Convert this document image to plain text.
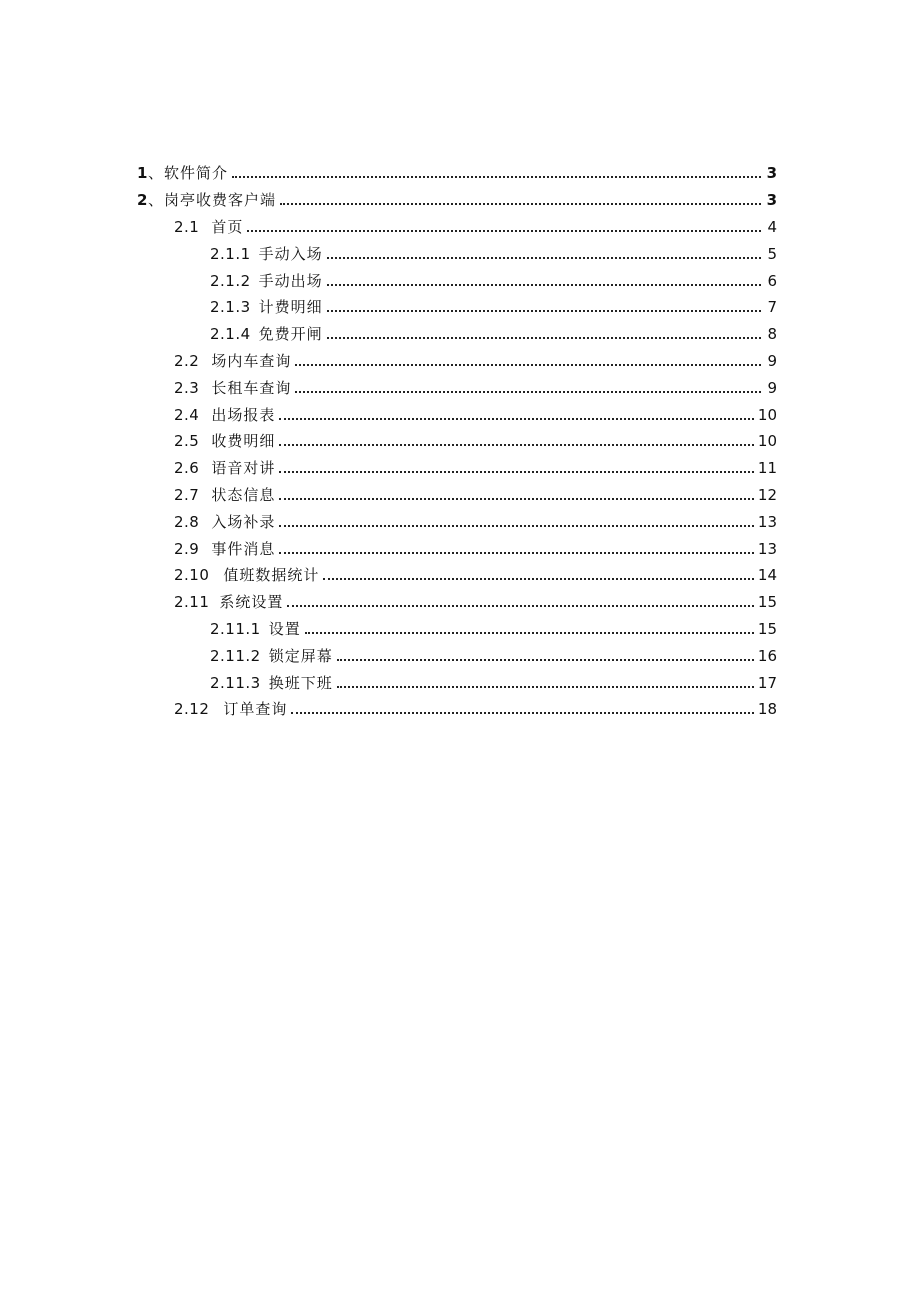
1 、软件简介	3
2 、岗亭收费客户端	3
2.1 首页	4
2.1.1 手动入场	5
2.1.2 手动出场	6
2.1.3 计费明细	7
2.1.4 免费开闸	8
2.2 场内车查询	9
2.3 长租车查询	9
2.4 出场报表	10
2.5 收费明细	10
2.6 语音对讲	11
2.7 状态信息	12
2.8 入场补录	13
2.9 事件消息	13
2.10 值班数据统计	14
2.11 系统设置	15
2.11.1 设置	15
2.11.2 锁定屏幕	16
2.11.3 换班下班	17
2.12 订单查询	18
